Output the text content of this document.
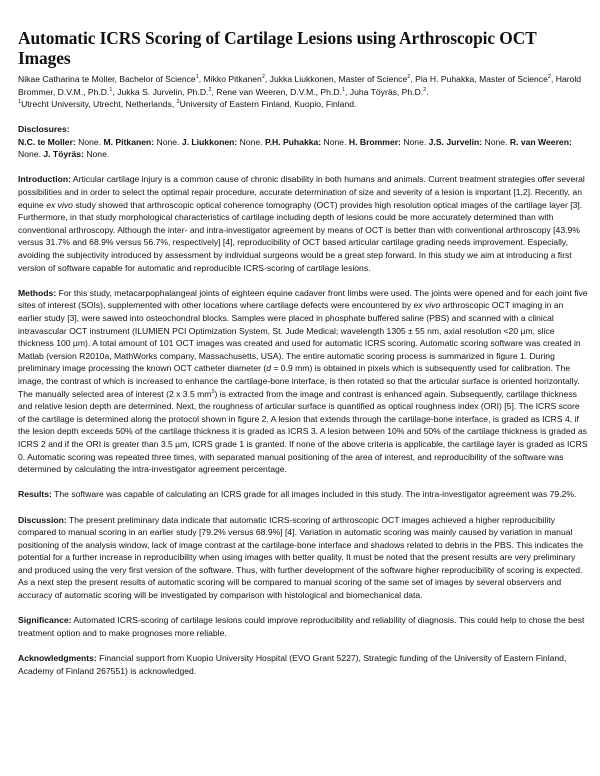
Automatic ICRS Scoring of Cartilage Lesions using Arthroscopic OCT Images

Nikae Catharina te Moller, Bachelor of Science$^1$, Mikko Pitkanen$^2$, Jukka Liukkonen, Master of Science$^2$, Pia H. Puhakka, Master of Science$^2$, Harold Brommer, D.V.M., Ph.D.$^1$, Jukka S. Jurvelin, Ph.D.$^2$, Rene van Weeren, D.V.M., Ph.D.$^1$, Juha Töyräs, Ph.D.$^2$.

$^1$Utrecht University, Utrecht, Netherlands, $^2$University of Eastern Finland, Kuopio, Finland.

Disclosures:

N.C. te Moller: None. M. Pitkanen: None. J. Liukkonen: None. P.H. Puhakka: None. H. Brommer: None. J.S. Jurvelin: None. R. van Weeren: None. J. Töyräs: None.

Introduction: Articular cartilage injury is a common cause of chronic disability in both humans and animals. Current treatment strategies offer several possibilities and in order to select the optimal repair procedure, accurate determination of size and severity of a lesion is important [1,2]. Recently, an equine ex vivo study showed that arthroscopic optical coherence tomography (OCT) provides high resolution optical images of the cartilage layer [3]. Furthermore, in that study morphological characteristics of cartilage including depth of lesions could be more accurately determined than with conventional arthroscopy. Although the inter- and intra-investigator agreement by means of OCT is better than with conventional arthroscopy [43.9% versus 31.7% and 68.9% versus 56.7%, respectively] [4], reproducibility of OCT based articular cartilage grading needs improvement. Especially, avoiding the subjectivity introduced by assessment by individual surgeons would be a great step forward. In this study we aim at introducing a first version of software capable for automatic and reproducible ICRS-scoring of cartilage lesions.

Methods: For this study, metacarpophalangeal joints of eighteen equine cadaver front limbs were used. The joints were opened and for each joint five sites of interest (SOIs), supplemented with other locations where cartilage defects were encountered by ex vivo arthroscopic OCT imaging in an earlier study [3], were sawed into osteochondral blocks. Samples were placed in phosphate buffered saline (PBS) and scanned with a clinical intravascular OCT instrument (ILUMIEN PCI Optimization System, St. Jude Medical; wavelength 1305 ± 55 nm, axial resolution <20 µm, slice thickness 100 µm). A total amount of 101 OCT images was created and used for automatic ICRS scoring. Automatic scoring software was created in Matlab (version R2010a, MathWorks company, Massachusetts, USA). The entire automatic scoring process is summarized in figure 1. During preliminary image processing the known OCT catheter diameter (d = 0.9 mm) is obtained in pixels which is subsequently used for calibration. The image, the contrast of which is increased to enhance the cartilage-bone interface, is then rotated so that the articular surface is oriented horizontally. The manually selected area of interest (2 x 3.5 $mm^2$) is extracted from the image and contrast is enhanced again. Subsequently, cartilage thickness and relative lesion depth are determined. Next, the roughness of articular surface is quantified as optical roughness index (ORI) [5]. The ICRS score of the cartilage is determined along the protocol shown in figure 2. A lesion that extends through the cartilage-bone interface, is graded as ICRS 4, if the lesion depth exceeds 50% of the cartilage thickness it is graded as ICRS 3. A lesion between 10% and 50% of the cartilage thickness is graded as ICRS 2 and if the ORI is greater than 3.5 µm, ICRS grade 1 is granted. If none of the above criteria is applicable, the cartilage layer is graded as ICRS 0. Automatic scoring was repeated three times, with separated manual positioning of the area of interest, and reproducibility of the software was determined by calculating the intra-investigator agreement percentage.

Results: The software was capable of calculating an ICRS grade for all images included in this study. The intra-investigator agreement was 79.2%.

Discussion: The present preliminary data indicate that automatic ICRS-scoring of arthroscopic OCT images achieved a higher reproducibility compared to manual scoring in an earlier study [79.2% versus 68.9%] [4]. Variation in automatic scoring was mainly caused by variation in manual positioning of the analysis window, lack of image contrast at the cartilage-bone interface and shadows related to debris in the PBS. This indicates the potential for a further increase in reproducibility when using images with better quality. It must be noted that the present results are very preliminary and produced using the very first version of the software. Thus, with further development of the software higher reproducibility of scoring is expected. As a next step the present results of automatic scoring will be compared to manual scoring of the same set of images by several observers and accuracy of automatic scoring will be investigated by comparison with histological and biomechanical data.

Significance: Automated ICRS-scoring of cartilage lesions could improve reproducibility and reliability of diagnosis. This could help to chose the best treatment option and to make prognoses more reliable.

Acknowledgments: Financial support from Kuopio University Hospital (EVO Grant 5227), Strategic funding of the University of Eastern Finland, Academy of Finland 267551) is acknowledged.
